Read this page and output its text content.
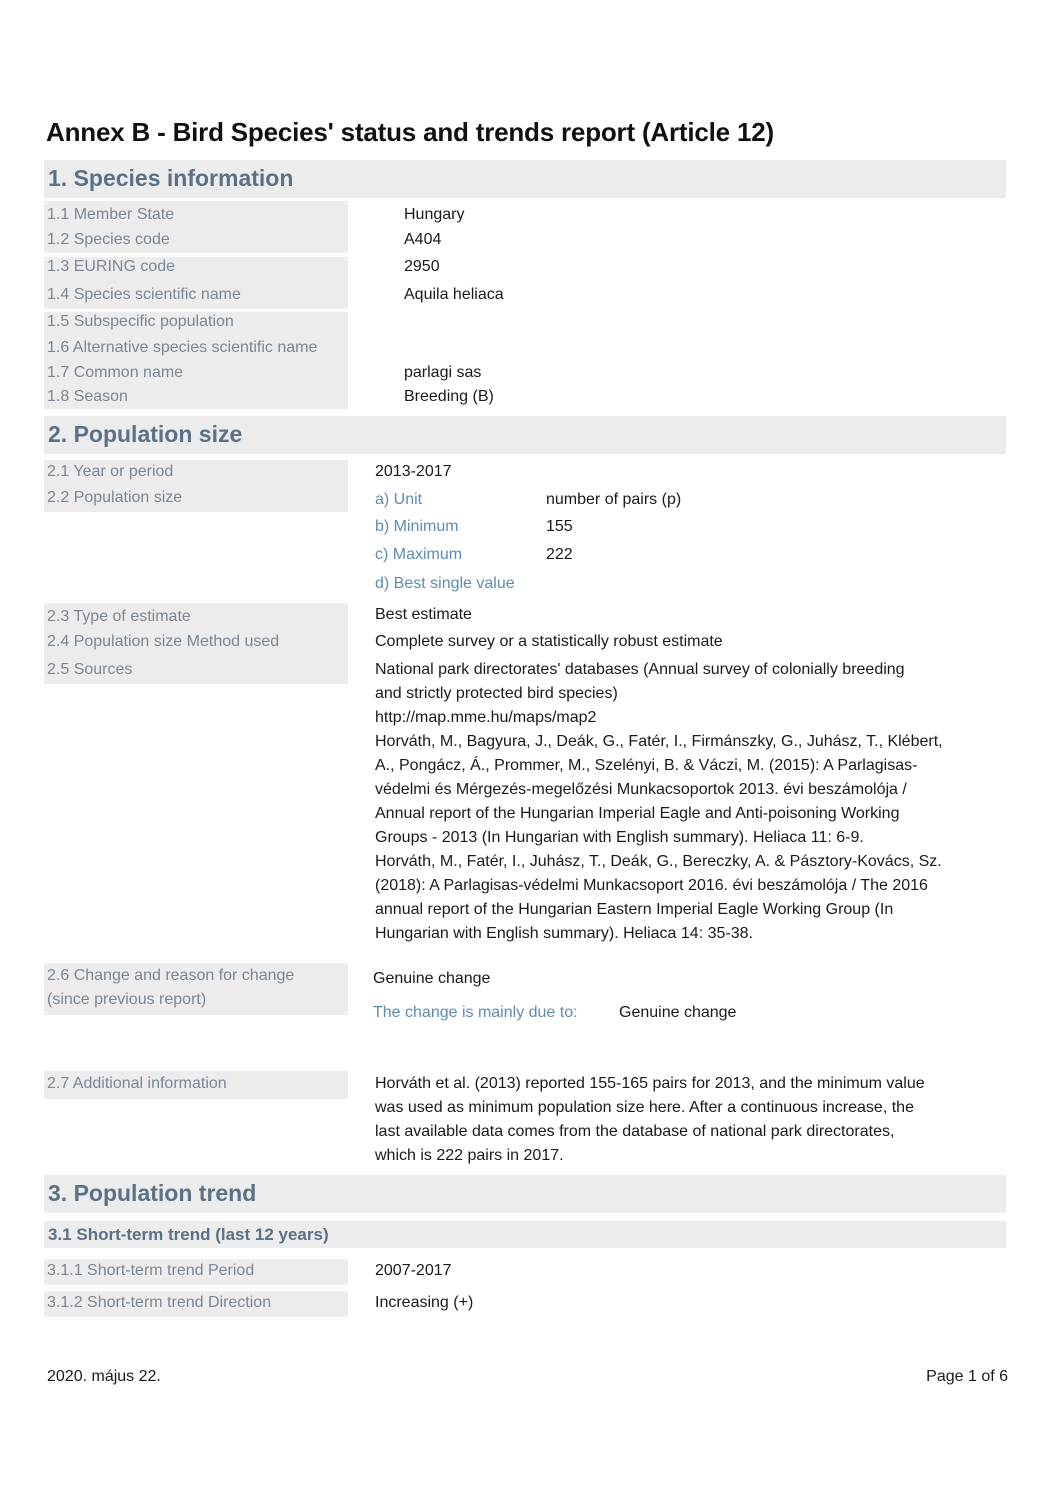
Annex B - Bird Species' status and trends report (Article 12)
1. Species information
1.1 Member State	Hungary
1.2 Species code	A404
1.3 EURING code	2950
1.4 Species scientific name	Aquila heliaca
1.5 Subspecific population
1.6 Alternative species scientific name
1.7 Common name	parlagi sas
1.8 Season	Breeding (B)
2. Population size
2.1 Year or period	2013-2017
2.2 Population size	a) Unit	number of pairs (p)
b) Minimum	155
c) Maximum	222
d) Best single value
2.3 Type of estimate	Best estimate
2.4 Population size Method used	Complete survey or a statistically robust estimate
2.5 Sources	National park directorates' databases (Annual survey of colonially breeding
and strictly protected bird species)
http://map.mme.hu/maps/map2
Horváth, M., Bagyura, J., Deák, G., Fatér, I., Firmánszky, G., Juhász, T., Klébert,
A., Pongácz, Á., Prommer, M., Szelényi, B. & Váczi, M. (2015): A Parlagisas-
védelmi és Mérgezés-megelőzési Munkacsoportok 2013. évi beszámolója /
Annual report of the Hungarian Imperial Eagle and Anti-poisoning Working
Groups - 2013 (In Hungarian with English summary). Heliaca 11: 6-9.
Horváth, M., Fatér, I., Juhász, T., Deák, G., Bereczky, A. & Pásztory-Kovács, Sz.
(2018): A Parlagisas-védelmi Munkacsoport 2016. évi beszámolója / The 2016
annual report of the Hungarian Eastern Imperial Eagle Working Group (In
Hungarian with English summary). Heliaca 14: 35-38.
2.6 Change and reason for change
(since previous report)
Genuine change
The change is mainly due to:	Genuine change
2.7 Additional information	Horváth et al. (2013) reported 155-165 pairs for 2013, and the minimum value
was used as minimum population size here. After a continuous increase, the
last available data comes from the database of national park directorates,
which is 222 pairs in 2017.
3. Population trend
3.1 Short-term trend (last 12 years)
3.1.1 Short-term trend Period	2007-2017
3.1.2 Short-term trend Direction	Increasing (+)
2020. május 22.	Page 1 of 6
